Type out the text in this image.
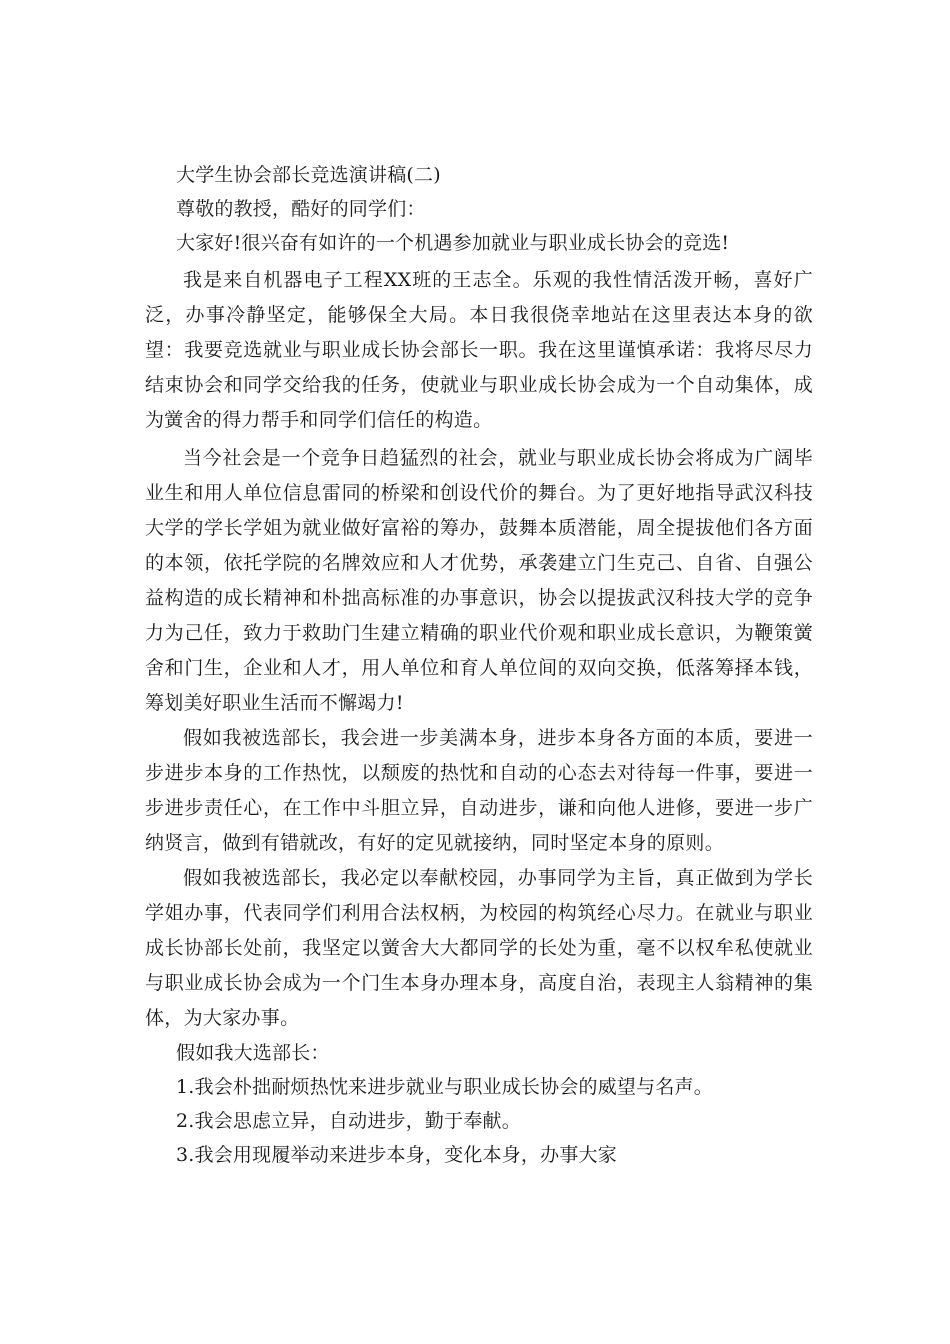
大学生协会部长竞选演讲稿(二)
尊敬的教授，酷好的同学们：
大家好!很兴奋有如许的一个机遇参加就业与职业成长协会的竞选!

我是来自机器电子工程XX班的王志全。乐观的我性情活泼开畅，喜好广泛，办事冷静坚定，能够保全大局。本日我很侥幸地站在这里表达本身的欲望：我要竞选就业与职业成长协会部长一职。我在这里谨慎承诺：我将尽尽力结束协会和同学交给我的任务，使就业与职业成长协会成为一个自动集体，成为黉舍的得力帮手和同学们信任的构造。

当今社会是一个竞争日趋猛烈的社会，就业与职业成长协会将成为广阔毕业生和用人单位信息雷同的桥梁和创设代价的舞台。为了更好地指导武汉科技大学的学长学姐为就业做好富裕的筹办，鼓舞本质潜能，周全提拔他们各方面的本领，依托学院的名牌效应和人才优势，承袭建立门生克己、自省、自强公益构造的成长精神和朴拙高标准的办事意识，协会以提拔武汉科技大学的竞争力为己任，致力于救助门生建立精确的职业代价观和职业成长意识，为鞭策黉舍和门生，企业和人才，用人单位和育人单位间的双向交换，低落筹择本钱，筹划美好职业生活而不懈竭力!

假如我被选部长，我会进一步美满本身，进步本身各方面的本质，要进一步进步本身的工作热忱，以颓废的热忱和自动的心态去对待每一件事，要进一步进步责任心，在工作中斗胆立异，自动进步，谦和向他人进修，要进一步广纳贤言，做到有错就改，有好的定见就接纳，同时坚定本身的原则。

假如我被选部长，我必定以奉献校园，办事同学为主旨，真正做到为学长学姐办事，代表同学们利用合法权柄，为校园的构筑经心尽力。在就业与职业成长协部长处前，我坚定以黉舍大大都同学的长处为重，毫不以权牟私使就业与职业成长协会成为一个门生本身办理本身，高度自治，表现主人翁精神的集体，为大家办事。

假如我大选部长：
1.我会朴拙耐烦热忱来进步就业与职业成长协会的威望与名声。
2.我会思虑立异，自动进步，勤于奉献。
3.我会用现履举动来进步本身，变化本身，办事大家
